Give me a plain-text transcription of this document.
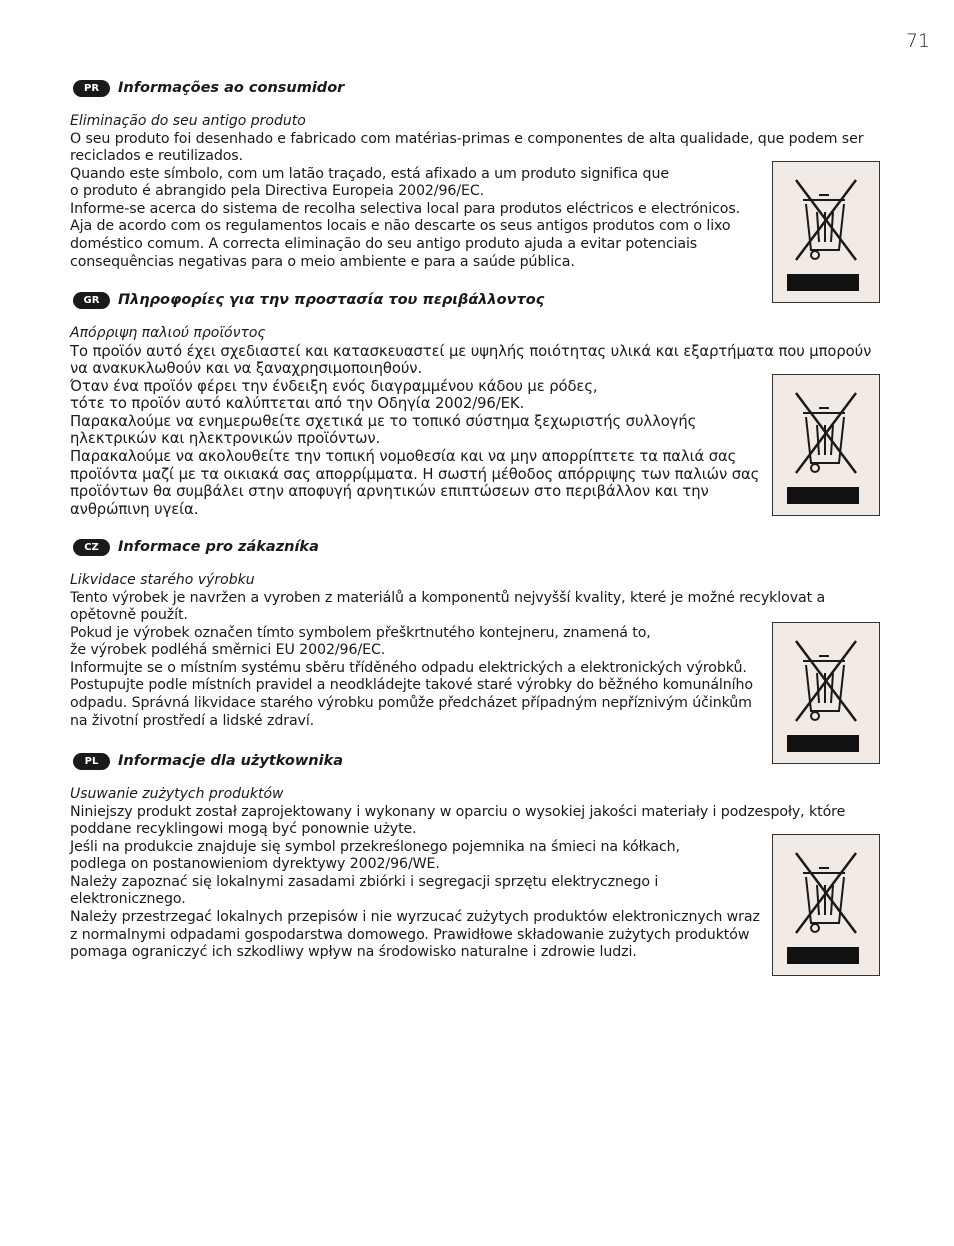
71
PR	Informações ao consumidor
Eliminação do seu antigo produto

O seu produto foi desenhado e fabricado com matérias-primas e componentes de alta qualidade, que podem ser reciclados e reutilizados.

Quando este símbolo, com um latão traçado, está afixado a um produto significa que

o produto é abrangido pela Directiva Europeia 2002/96/EC.

Informe-se acerca do sistema de recolha selectiva local para produtos eléctricos e electrónicos.

Aja de acordo com os regulamentos locais e não descarte os seus antigos produtos com o lixo doméstico comum. A correcta eliminação do seu antigo produto ajuda a evitar potenciais consequências negativas para o meio ambiente e para a saúde pública.

GR	Πληροφορίες για την προστασία του περιβάλλοντος
Απόρριψη παλιού προϊόντος

Το προϊόν αυτό έχει σχεδιαστεί και κατασκευαστεί με υψηλής ποιότητας υλικά και εξαρτήματα που μπορούν να ανακυκλωθούν και να ξαναχρησιμοποιηθούν.

Όταν ένα προϊόν φέρει την ένδειξη ενός διαγραμμένου κάδου με ρόδες,

τότε το προϊόν αυτό καλύπτεται από την Οδηγία 2002/96/ΕΚ.

Παρακαλούμε να ενημερωθείτε σχετικά με το τοπικό σύστημα ξεχωριστής συλλογής ηλεκτρικών και ηλεκτρονικών προϊόντων.

Παρακαλούμε να ακολουθείτε την τοπική νομοθεσία και να μην απορρίπτετε τα παλιά σας προϊόντα μαζί με τα οικιακά σας απορρίμματα. Η σωστή μέθοδος απόρριψης των παλιών σας προϊόντων θα συμβάλει στην αποφυγή αρνητικών επιπτώσεων στο περιβάλλον και την ανθρώπινη υγεία.

CZ	Informace pro zákazníka
Likvidace starého výrobku

Tento výrobek je navržen a vyroben z materiálů a komponentů nejvyšší kvality, které je možné recyklovat a opětovně použít.

Pokud je výrobek označen tímto symbolem přeškrtnutého kontejneru, znamená to,

že výrobek podléhá směrnici EU 2002/96/EC.

Informujte se o místním systému sběru tříděného odpadu elektrických a elektronických výrobků.

Postupujte podle místních pravidel a neodkládejte takové staré výrobky do běžného komunálního odpadu. Správná likvidace starého výrobku pomůže předcházet případným nepříznivým účinkům na životní prostředí a lidské zdraví.

PL	Informacje dla użytkownika
Usuwanie zużytych produktów

Niniejszy produkt został zaprojektowany i wykonany w oparciu o wysokiej jakości materiały i podzespoły, które poddane recyklingowi mogą być ponownie użyte.

Jeśli na produkcie znajduje się symbol przekreślonego pojemnika na śmieci na kółkach,

podlega on postanowieniom dyrektywy 2002/96/WE.

Należy zapoznać się lokalnymi zasadami zbiórki i segregacji sprzętu elektrycznego i elektronicznego.

Należy przestrzegać lokalnych przepisów i nie wyrzucać zużytych produktów elektronicznych wraz z normalnymi odpadami gospodarstwa domowego. Prawidłowe składowanie zużytych produktów pomaga ograniczyć ich szkodliwy wpływ na środowisko naturalne i zdrowie ludzi.
